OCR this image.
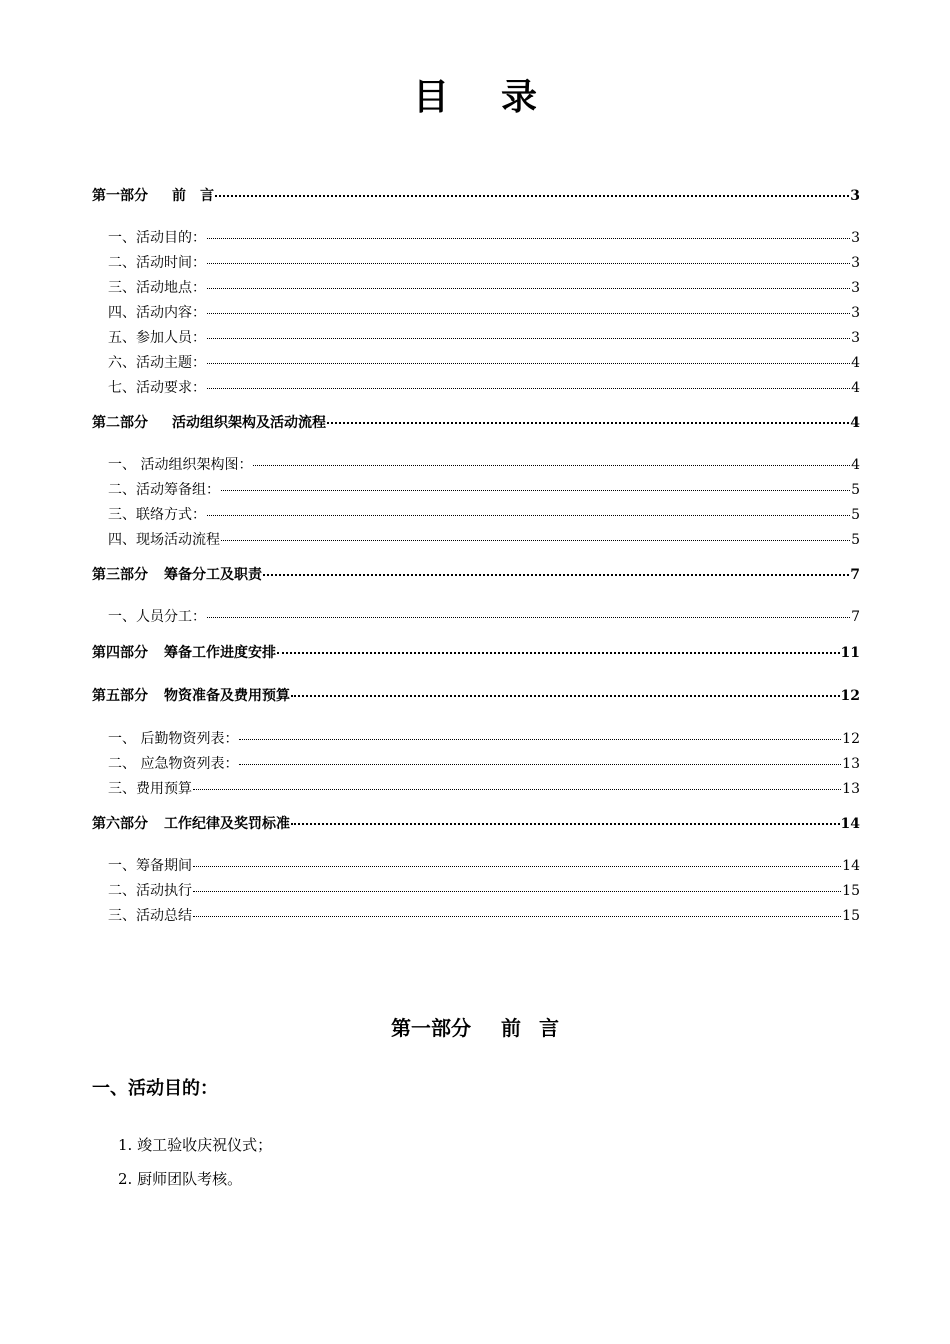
目 录
第一部分 前　言	3
一、活动目的：	3
二、活动时间：	3
三、活动地点：	3
四、活动内容：	3
五、参加人员：	3
六、活动主题：	4
七、活动要求：	4
第二部分 活动组织架构及活动流程	4
一、 活动组织架构图：	4
二、活动筹备组：	5
三、联络方式：	5
四、现场活动流程	5
第三部分 筹备分工及职责	7
一、人员分工：	7
第四部分 筹备工作进度安排	11
第五部分 物资准备及费用预算	12
一、 后勤物资列表：	12
二、 应急物资列表：	13
三、费用预算	13
第六部分 工作纪律及奖罚标准	14
一、筹备期间	14
二、活动执行	15
三、活动总结	15
第一部分 前 言
一、活动目的：
1. 竣工验收庆祝仪式；
2. 厨师团队考核。
